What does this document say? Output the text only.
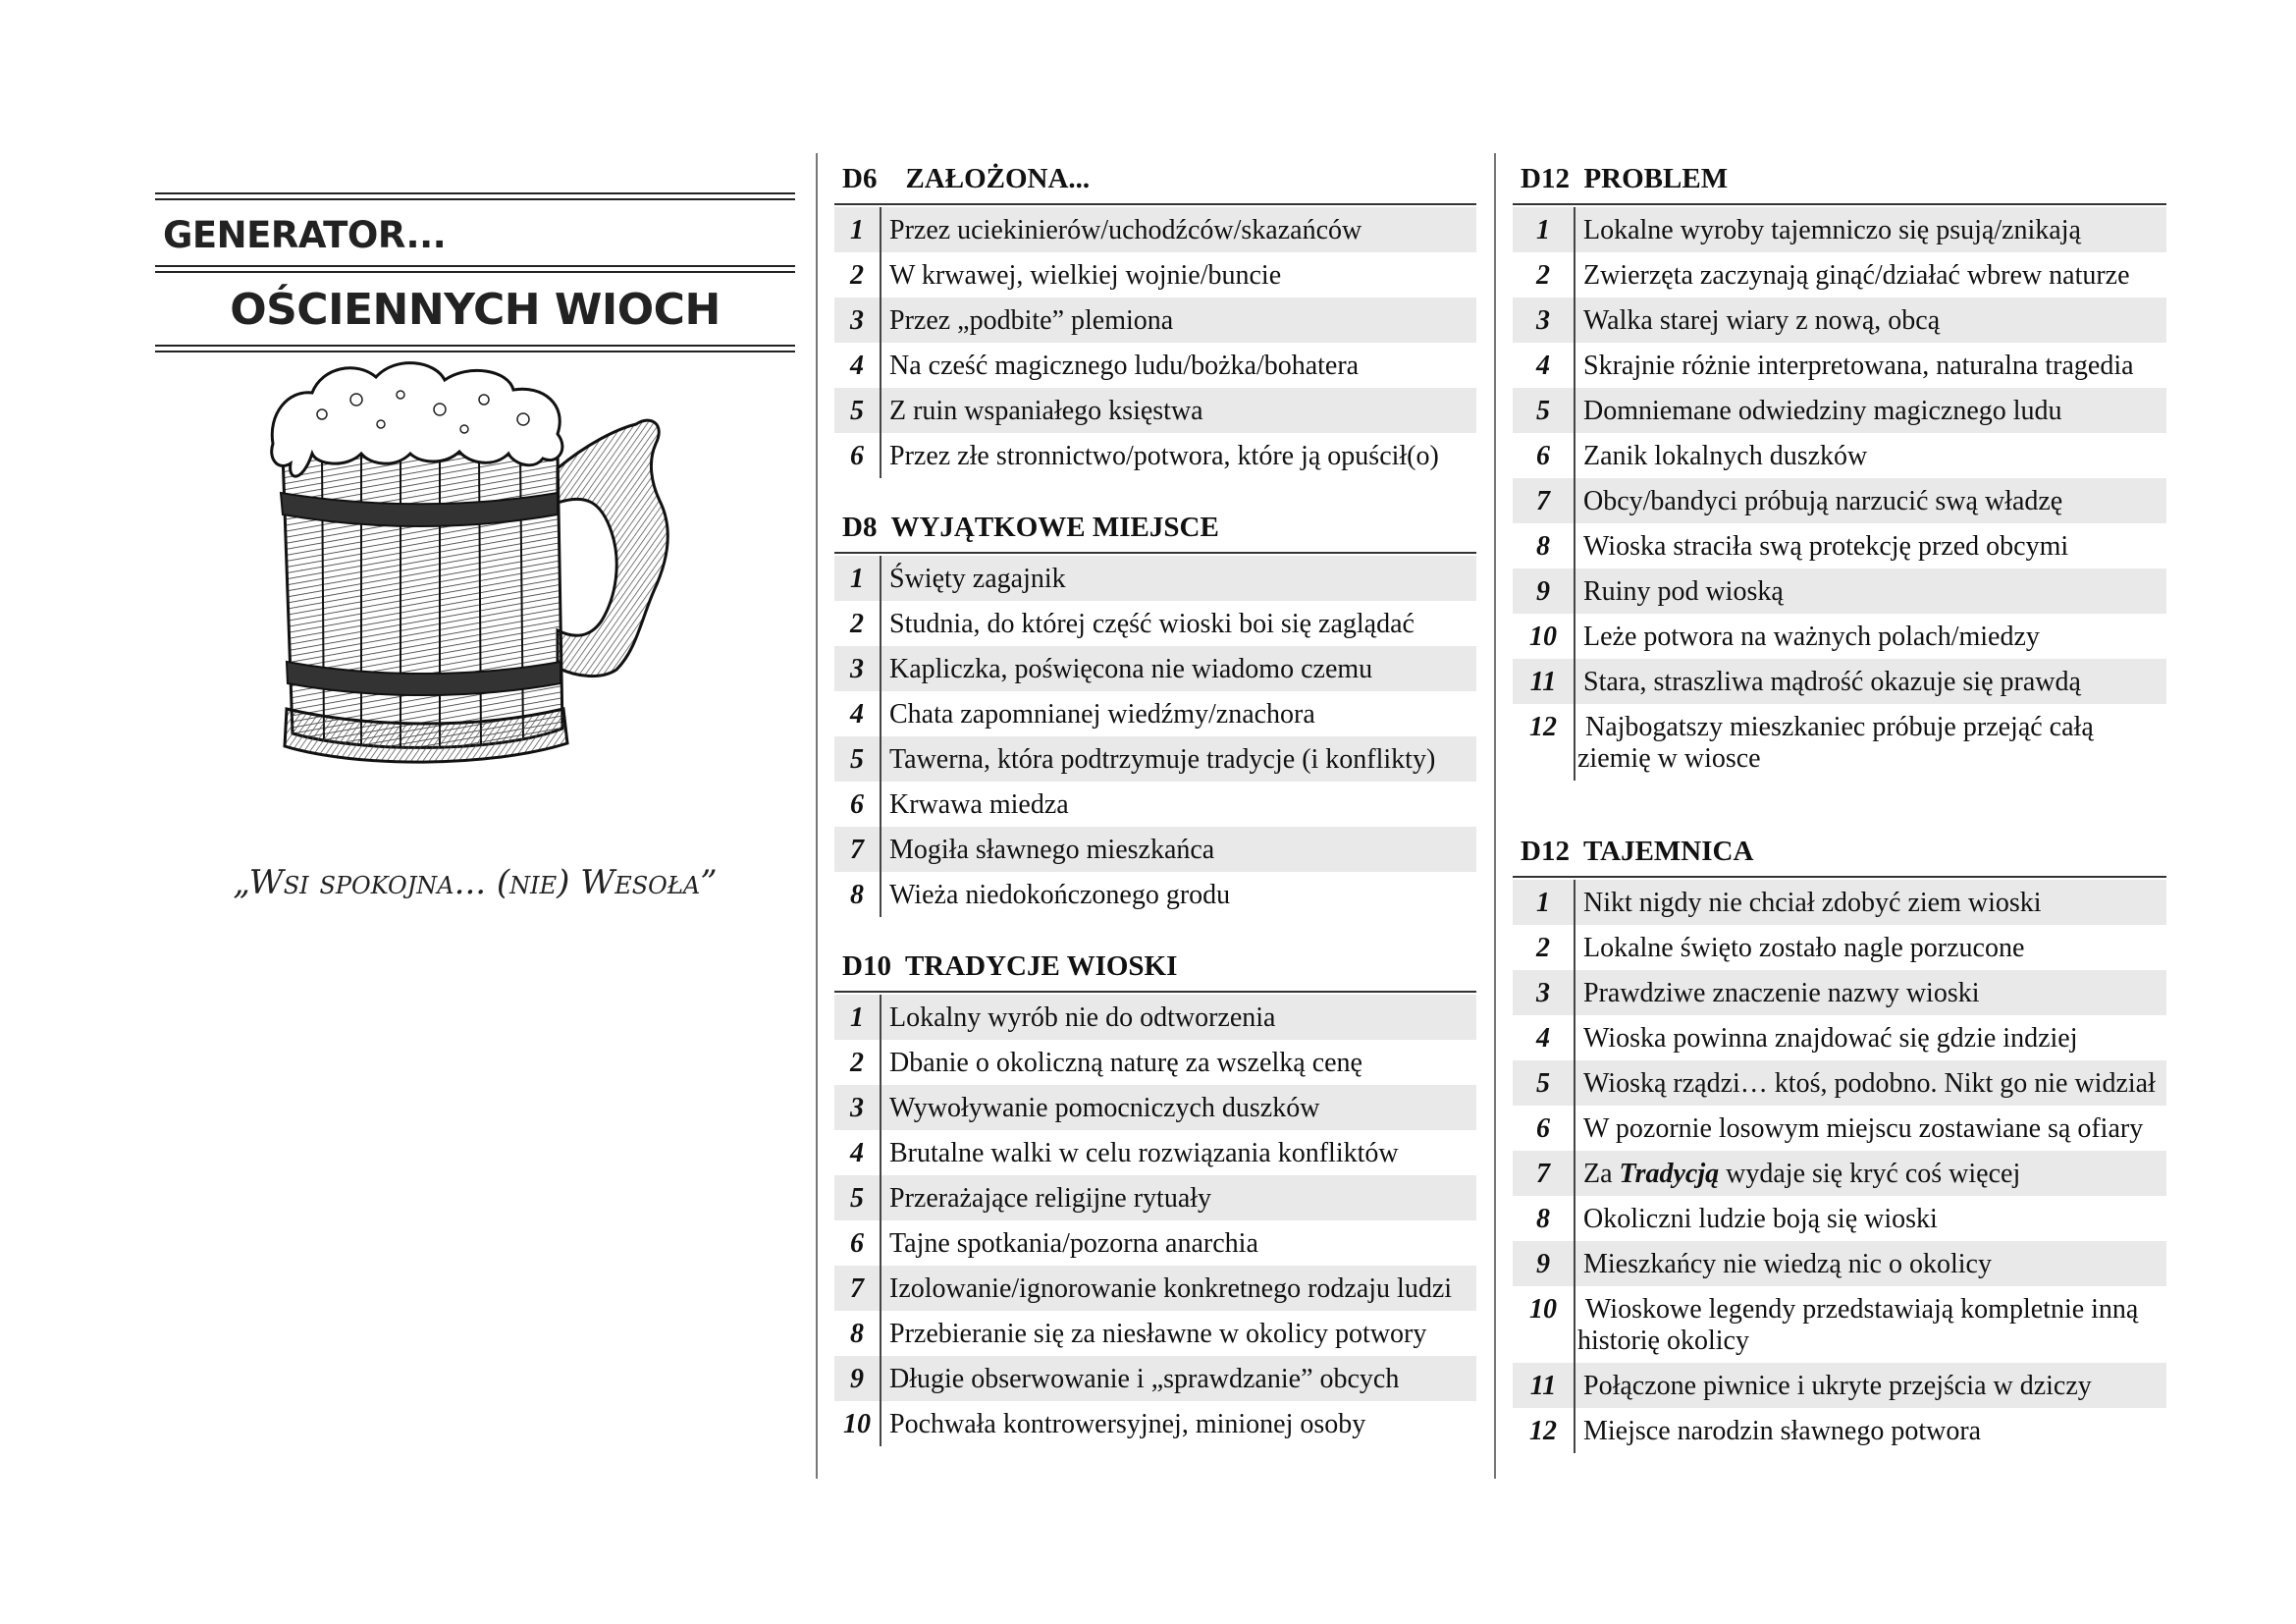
GENERATOR...
OŚCIENNYCH WIOCH
„Wsi spokojna... (nie) Wesoła”
D6 ZAŁOŻONA...
1 Przez uciekinierów/uchodźców/skazańców
2 W krwawej, wielkiej wojnie/buncie
3 Przez „podbite” plemiona
4 Na cześć magicznego ludu/bożka/bohatera
5 Z ruin wspaniałego księstwa
6 Przez złe stronnictwo/potwora, które ją opuścił(o)
D8 WYJĄTKOWE MIEJSCE
1 Święty zagajnik
2 Studnia, do której część wioski boi się zaglądać
3 Kapliczka, poświęcona nie wiadomo czemu
4 Chata zapomnianej wiedźmy/znachora
5 Tawerna, która podtrzymuje tradycje (i konflikty)
6 Krwawa miedza
7 Mogiła sławnego mieszkańca
8 Wieża niedokończonego grodu
D10 TRADYCJE WIOSKI
1 Lokalny wyrób nie do odtworzenia
2 Dbanie o okoliczną naturę za wszelką cenę
3 Wywoływanie pomocniczych duszków
4 Brutalne walki w celu rozwiązania konfliktów
5 Przerażające religijne rytuały
6 Tajne spotkania/pozorna anarchia
7 Izolowanie/ignorowanie konkretnego rodzaju ludzi
8 Przebieranie się za niesławne w okolicy potwory
9 Długie obserwowanie i „sprawdzanie” obcych
10 Pochwała kontrowersyjnej, minionej osoby
D12 PROBLEM
1	Lokalne wyroby tajemniczo się psują/znikają
2	Zwierzęta zaczynają ginąć/działać wbrew naturze
3	Walka starej wiary z nową, obcą
4	Skrajnie różnie interpretowana, naturalna tragedia
5	Domniemane odwiedziny magicznego ludu
6	Zanik lokalnych duszków
7	Obcy/bandyci próbują narzucić swą władzę
8	Wioska straciła swą protekcję przed obcymi
9	Ruiny pod wioską
10 Leże potwora na ważnych polach/miedzy
11 Stara, straszliwa mądrość okazuje się prawdą
12	Najbogatszy mieszkaniec próbuje przejąć całą
ziemię w wiosce
D12 TAJEMNICA
1	Nikt nigdy nie chciał zdobyć ziem wioski
2	Lokalne święto zostało nagle porzucone
3	Prawdziwe znaczenie nazwy wioski
4	Wioska powinna znajdować się gdzie indziej
5	Wioską rządzi… ktoś, podobno. Nikt go nie widział
6	W pozornie losowym miejscu zostawiane są ofiary
7	Za Tradycją wydaje się kryć coś więcej
8	Okoliczni ludzie boją się wioski
9	Mieszkańcy nie wiedzą nic o okolicy
10	Wioskowe legendy przedstawiają kompletnie inną
historię okolicy
11 Połączone piwnice i ukryte przejścia w dziczy
12 Miejsce narodzin sławnego potwora
